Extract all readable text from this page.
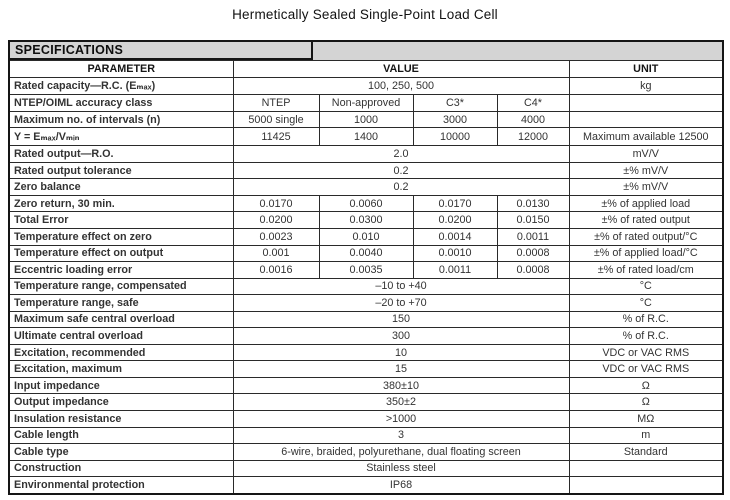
Hermetically Sealed Single-Point Load Cell
SPECIFICATIONS					

PARAMETER	VALUE				UNIT
Rated capacity—R.C. (Eₘₐₓ)	100, 250, 500				kg
NTEP/OIML accuracy class	NTEP	Non-approved	C3*	C4*	
Maximum no. of intervals (n)	5000 single	1000	3000	4000	
Y = Eₘₐₓ/Vₘᵢₙ	11425	1400	10000	12000	Maximum available 12500
Rated output—R.O.	2.0				mV/V
Rated output tolerance	0.2				±% mV/V
Zero balance	0.2				±% mV/V
Zero return, 30 min.	0.0170	0.0060	0.0170	0.0130	±% of applied load
Total Error	0.0200	0.0300	0.0200	0.0150	±% of rated output
Temperature effect on zero	0.0023	0.010	0.0014	0.0011	±% of rated output/°C
Temperature effect on output	0.001	0.0040	0.0010	0.0008	±% of applied load/°C
Eccentric loading error	0.0016	0.0035	0.0011	0.0008	±% of rated load/cm
Temperature range, compensated	–10 to +40				°C
Temperature range, safe	–20 to +70				°C
Maximum safe central overload	150				% of R.C.
Ultimate central overload	300				% of R.C.
Excitation, recommended	10				VDC or VAC RMS
Excitation, maximum	15				VDC or VAC RMS
Input impedance	380±10				Ω
Output impedance	350±2				Ω
Insulation resistance	>1000				MΩ
Cable length	3				m
Cable type	6-wire, braided, polyurethane, dual floating screen				Standard
Construction	Stainless steel				
Environmental protection	IP68				
